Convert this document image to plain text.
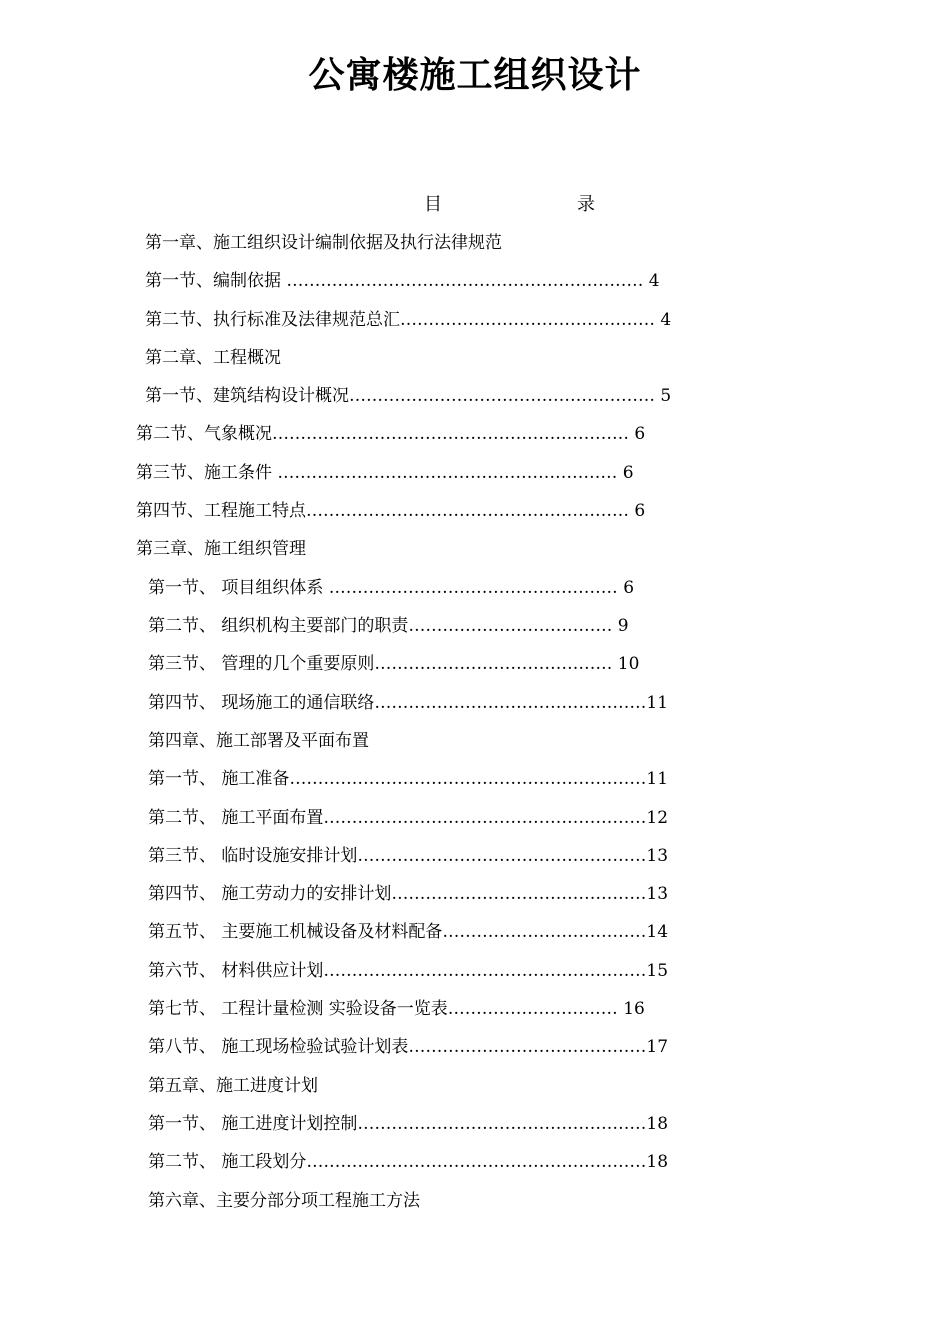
公寓楼施工组织设计
目	录
第一章、施工组织设计编制依据及执行法律规范
第一节、编制依据 ……………………………………………………… 4
第二节、执行标准及法律规范总汇……………………………………… 4
第二章、工程概况
第一节、建筑结构设计概况……………………………………………… 5
第二节、气象概况……………………………………………………… 6
第三节、施工条件 …………………………………………………… 6
第四节、工程施工特点………………………………………………… 6
第三章、施工组织管理
第一节、 项目组织体系 …………………………………………… 6
第二节、 组织机构主要部门的职责……………………………… 9
第三节、 管理的几个重要原则…………………………………… 10
第四节、 现场施工的通信联络…………………………………………11
第四章、施工部署及平面布置
第一节、 施工准备………………………………………………………11
第二节、 施工平面布置…………………………………………………12
第三节、 临时设施安排计划……………………………………………13
第四节、 施工劳动力的安排计划………………………………………13
第五节、 主要施工机械设备及材料配备………………………………14
第六节、 材料供应计划…………………………………………………15
第七节、 工程计量检测 实验设备一览表………………………… 16
第八节、 施工现场检验试验计划表……………………………………17
第五章、施工进度计划
第一节、 施工进度计划控制……………………………………………18
第二节、 施工段划分……………………………………………………18
第六章、主要分部分项工程施工方法
